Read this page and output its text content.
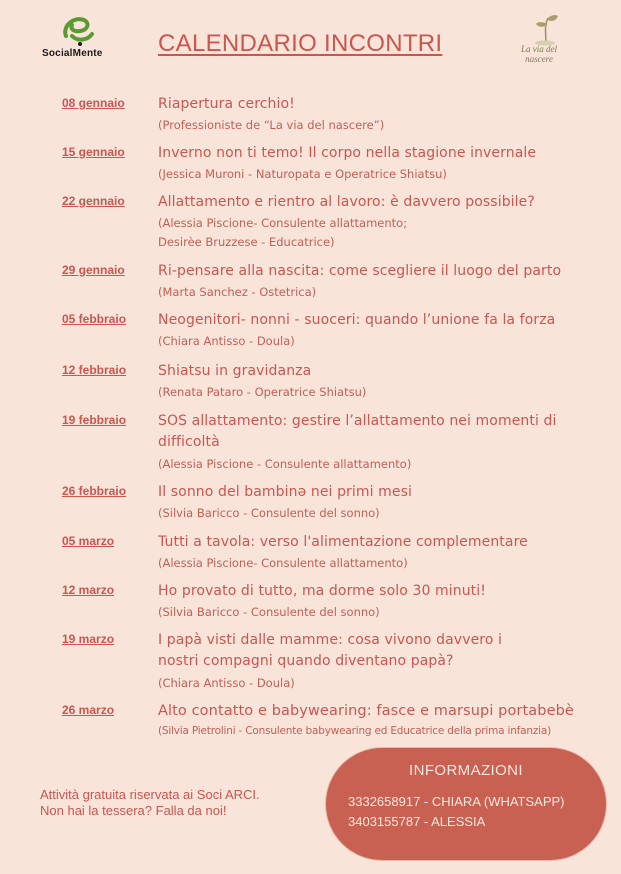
SocialMente CALENDARIO INCONTRI	La via del nascere
08 gennaio Riapertura cerchio!
(Professioniste de “La via del nascere”)
15 gennaio Inverno non ti temo! Il corpo nella stagione invernale
(Jessica Muroni - Naturopata e Operatrice Shiatsu)
22 gennaio Allattamento e rientro al lavoro: è davvero possibile?
(Alessia Piscione- Consulente allattamento;
Desirèe Bruzzese - Educatrice)
29 gennaio Ri-pensare alla nascita: come scegliere il luogo del parto
(Marta Sanchez - Ostetrica)
05 febbraio Neogenitori- nonni - suoceri: quando l’unione fa la forza
(Chiara Antisso - Doula)
12 febbraio Shiatsu in gravidanza
(Renata Pataro - Operatrice Shiatsu)
19 febbraio SOS allattamento: gestire l’allattamento nei momenti di difficoltà
(Alessia Piscione - Consulente allattamento)
26 febbraio Il sonno del bambinə nei primi mesi
(Silvia Baricco - Consulente del sonno)
05 marzo	Tutti a tavola: verso l'alimentazione complementare
(Alessia Piscione- Consulente allattamento)
12 marzo	Ho provato di tutto, ma dorme solo 30 minuti!
(Silvia Baricco - Consulente del sonno)
19 marzo	I papà visti dalle mamme: cosa vivono davvero i nostri compagni quando diventano papà?
(Chiara Antisso - Doula)
26 marzo	Alto contatto e babywearing: fasce e marsupi portabebè
(Silvia Pietrolini - Consulente babywearing ed Educatrice della prima infanzia)
Attività gratuita riservata ai Soci ARCI.
Non hai la tessera? Falla da noi!
INFORMAZIONI
3332658917 - CHIARA (WHATSAPP)
3403155787 - ALESSIA
